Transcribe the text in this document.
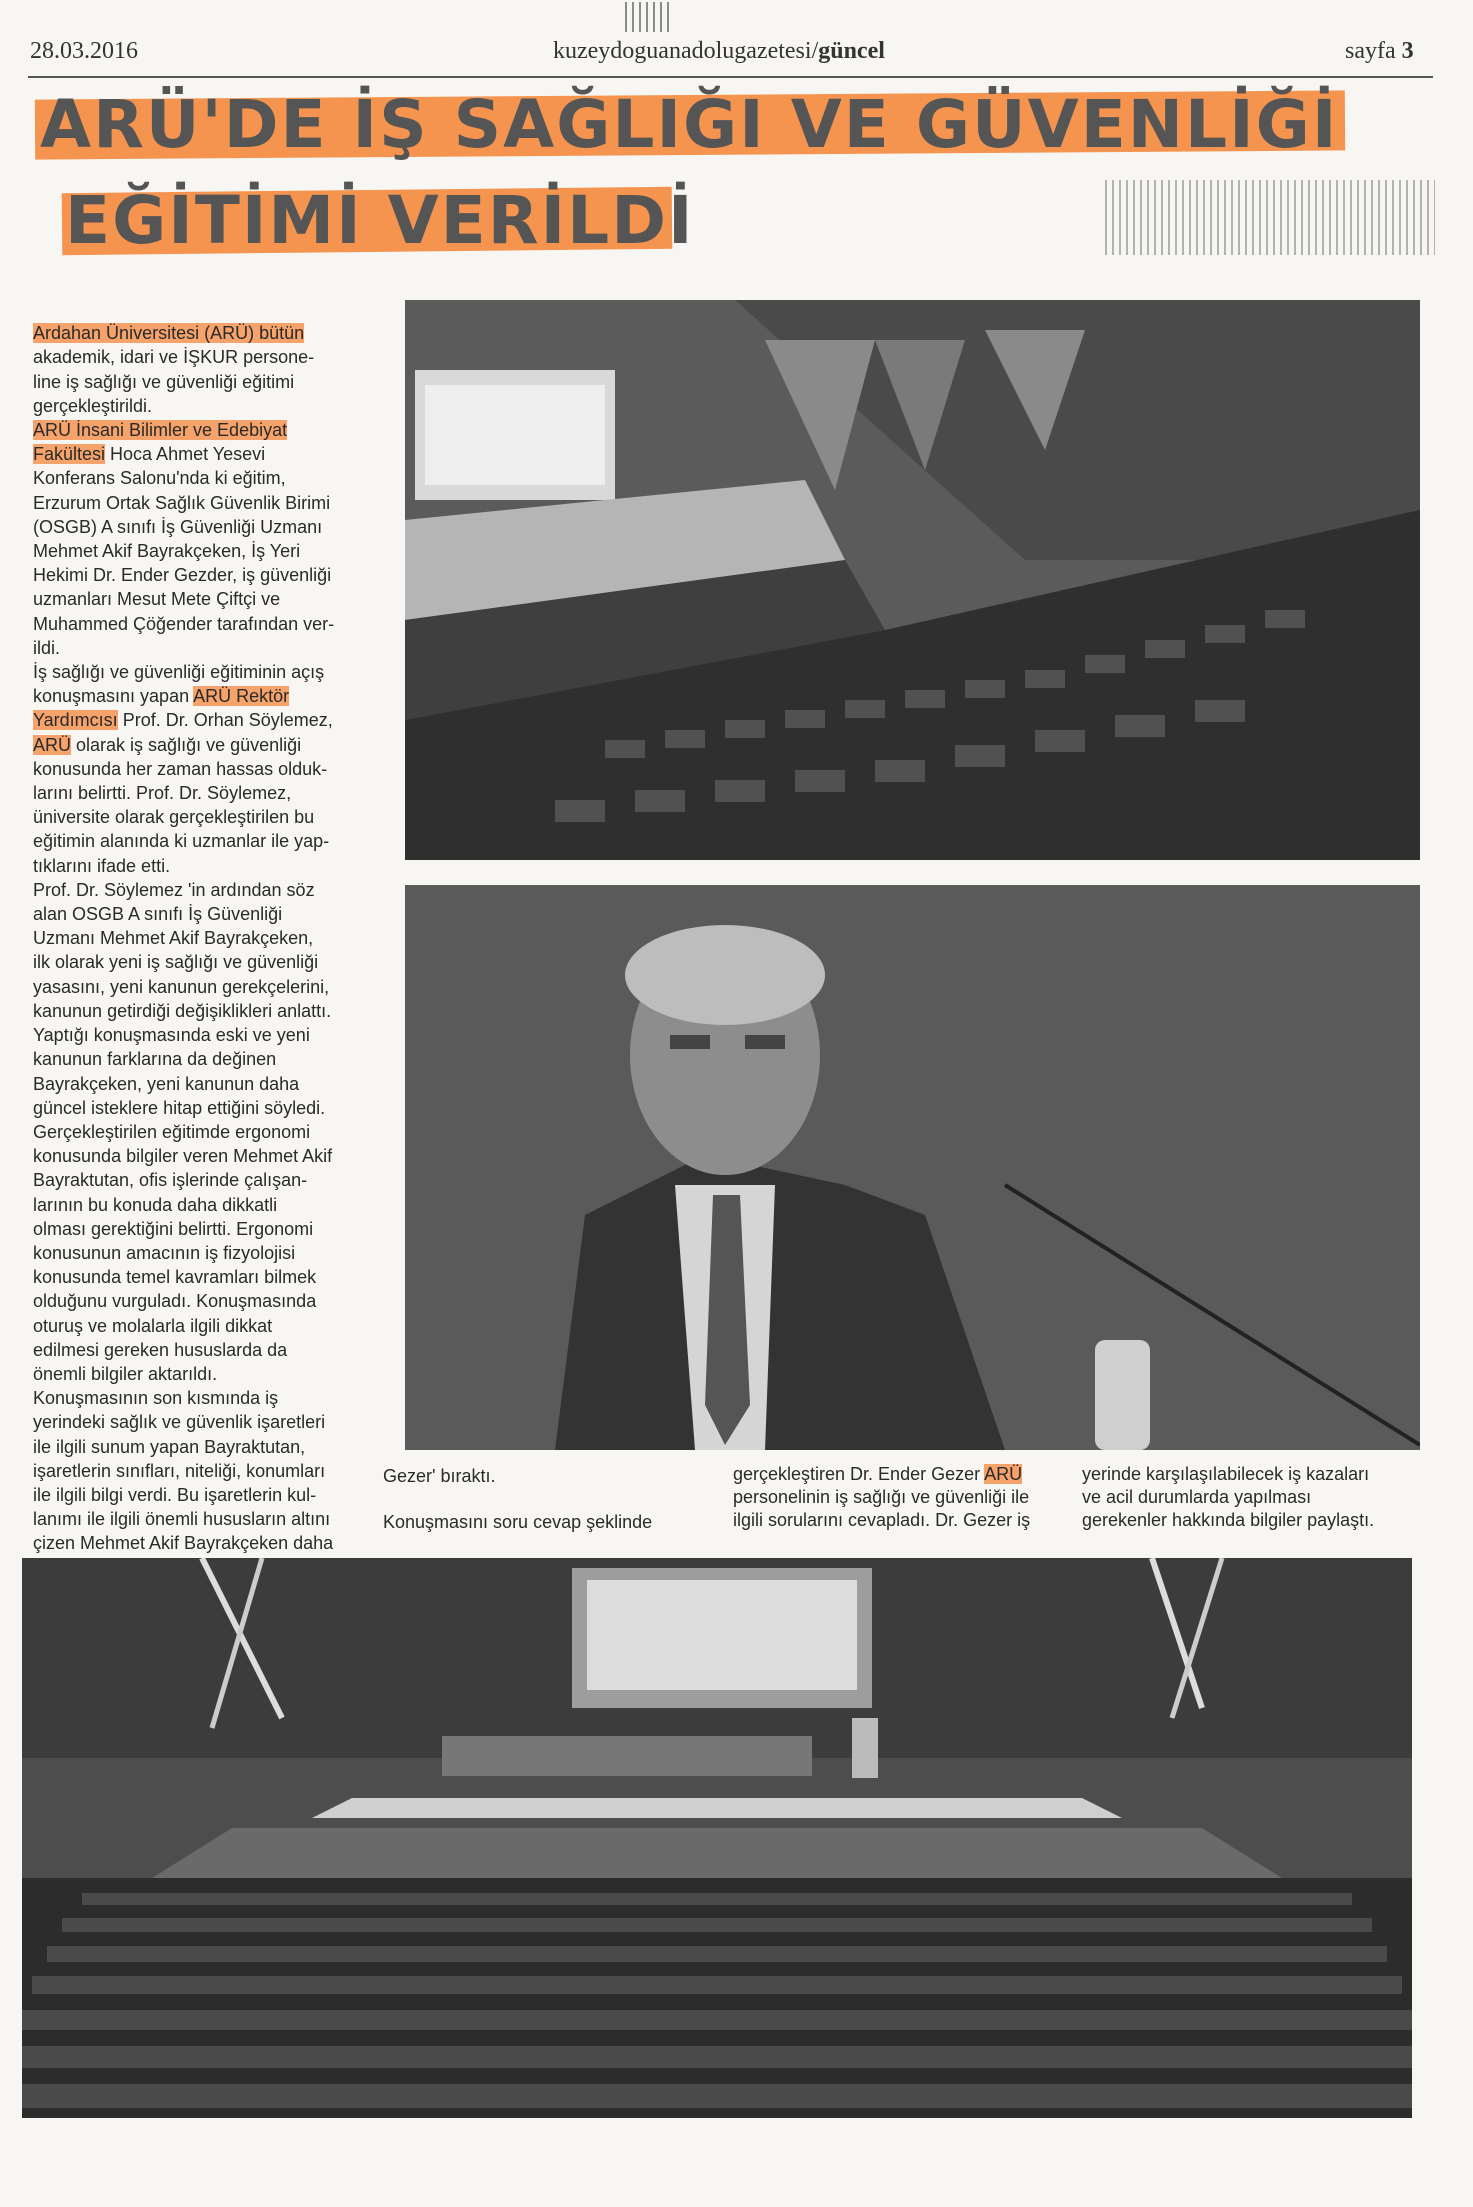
28.03.2016	kuzeydoguanadolugazetesi/güncel	sayfa 3
ARÜ'DE İŞ SAĞLIĞI VE GÜVENLİĞİ
EĞİTİMİ VERİLDİ

Ardahan Üniversitesi (ARÜ) bütün
akademik, idari ve İŞKUR persone-
line iş sağlığı ve güvenliği eğitimi
gerçekleştirildi.
ARÜ İnsani Bilimler ve Edebiyat
Fakültesi Hoca Ahmet Yesevi
Konferans Salonu'nda ki eğitim,
Erzurum Ortak Sağlık Güvenlik Birimi
(OSGB) A sınıfı İş Güvenliği Uzmanı
Mehmet Akif Bayrakçeken, İş Yeri
Hekimi Dr. Ender Gezder, iş güvenliği
uzmanları Mesut Mete Çiftçi ve
Muhammed Çöğender tarafından ver-
ildi.
İş sağlığı ve güvenliği eğitiminin açış
konuşmasını yapan ARÜ Rektör
Yardımcısı Prof. Dr. Orhan Söylemez,
ARÜ olarak iş sağlığı ve güvenliği
konusunda her zaman hassas olduk-
larını belirtti. Prof. Dr. Söylemez,
üniversite olarak gerçekleştirilen bu
eğitimin alanında ki uzmanlar ile yap-
tıklarını ifade etti.
Prof. Dr. Söylemez 'in ardından söz
alan OSGB A sınıfı İş Güvenliği
Uzmanı Mehmet Akif Bayrakçeken,
ilk olarak yeni iş sağlığı ve güvenliği
yasasını, yeni kanunun gerekçelerini,
kanunun getirdiği değişiklikleri anlattı.
Yaptığı konuşmasında eski ve yeni
kanunun farklarına da değinen
Bayrakçeken, yeni kanunun daha
güncel isteklere hitap ettiğini söyledi.
Gerçekleştirilen eğitimde ergonomi
konusunda bilgiler veren Mehmet Akif
Bayraktutan, ofis işlerinde çalışan-
larının bu konuda daha dikkatli
olması gerektiğini belirtti. Ergonomi
konusunun amacının iş fizyolojisi
konusunda temel kavramları bilmek
olduğunu vurguladı. Konuşmasında
oturuş ve molalarla ilgili dikkat
edilmesi gereken hususlarda da
önemli bilgiler aktarıldı.
Konuşmasının son kısmında iş
yerindeki sağlık ve güvenlik işaretleri
ile ilgili sunum yapan Bayraktutan,
işaretlerin sınıfları, niteliği, konumları
ile ilgili bilgi verdi. Bu işaretlerin kul-
lanımı ile ilgili önemli hususların altını
çizen Mehmet Akif Bayrakçeken daha

Gezer' bıraktı.

Konuşmasını soru cevap şeklinde
gerçekleştiren Dr. Ender Gezer ARÜ
personelinin iş sağlığı ve güvenliği ile
ilgili sorularını cevapladı. Dr. Gezer iş
yerinde karşılaşılabilecek iş kazaları
ve acil durumlarda yapılması
gerekenler hakkında bilgiler paylaştı.
